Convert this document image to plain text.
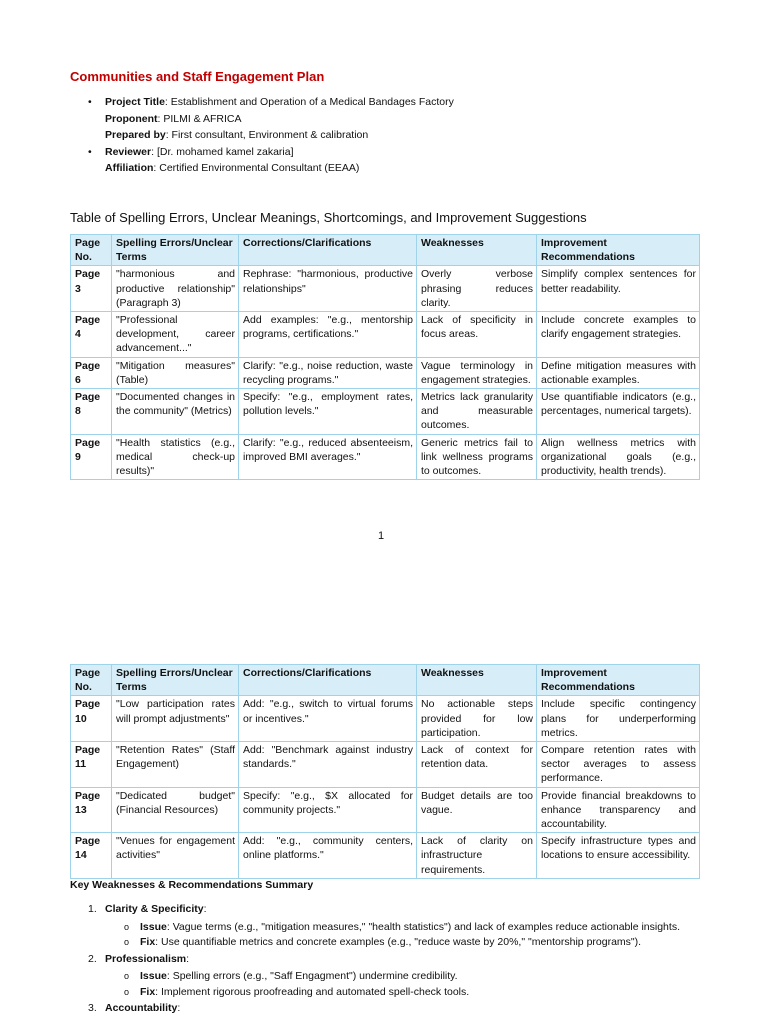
Communities and Staff Engagement Plan
• Project Title: Establishment and Operation of a Medical Bandages Factory
Proponent: PILMI & AFRICA
Prepared by: First consultant, Environment & calibration
• Reviewer: [Dr. mohamed kamel zakaria]
Affiliation: Certified Environmental Consultant (EEAA)
Table of Spelling Errors, Unclear Meanings, Shortcomings, and Improvement Suggestions
Page No.	Spelling Errors/Unclear Terms	Corrections/Clarifications	Weaknesses	Improvement Recommendations
Page 3	"harmonious and productive relationship" (Paragraph 3)	Rephrase: "harmonious, productive relationships"	Overly verbose phrasing reduces clarity.	Simplify complex sentences for better readability.
Page 4	"Professional development, career advancement..."	Add examples: "e.g., mentorship programs, certifications."	Lack of specificity in focus areas.	Include concrete examples to clarify engagement strategies.
Page 6	"Mitigation measures" (Table)	Clarify: "e.g., noise reduction, waste recycling programs."	Vague terminology in engagement strategies.	Define mitigation measures with actionable examples.
Page 8	"Documented changes in the community" (Metrics)	Specify: "e.g., employment rates, pollution levels."	Metrics lack granularity and measurable outcomes.	Use quantifiable indicators (e.g., percentages, numerical targets).
Page 9	"Health statistics (e.g., medical check-up results)"	Clarify: "e.g., reduced absenteeism, improved BMI averages."	Generic metrics fail to link wellness programs to outcomes.	Align wellness metrics with organizational goals (e.g., productivity, health trends).
1
Page No.	Spelling Errors/Unclear Terms	Corrections/Clarifications	Weaknesses	Improvement Recommendations
Page 10	"Low participation rates will prompt adjustments"	Add: "e.g., switch to virtual forums or incentives."	No actionable steps provided for low participation.	Include specific contingency plans for underperforming metrics.
Page 11	"Retention Rates" (Staff Engagement)	Add: "Benchmark against industry standards."	Lack of context for retention data.	Compare retention rates with sector averages to assess performance.
Page 13	"Dedicated budget" (Financial Resources)	Specify: "e.g., $X allocated for community projects."	Budget details are too vague.	Provide financial breakdowns to enhance transparency and accountability.
Page 14	"Venues for engagement activities"	Add: "e.g., community centers, online platforms."	Lack of clarity on infrastructure requirements.	Specify infrastructure types and locations to ensure accessibility.
Key Weaknesses & Recommendations Summary
1. Clarity & Specificity:
o Issue: Vague terms (e.g., "mitigation measures," "health statistics") and lack of examples reduce actionable insights.
o Fix: Use quantifiable metrics and concrete examples (e.g., "reduce waste by 20%," "mentorship programs").
2. Professionalism:
o Issue: Spelling errors (e.g., "Saff Engagment") undermine credibility.
o Fix: Implement rigorous proofreading and automated spell-check tools.
3. Accountability:
